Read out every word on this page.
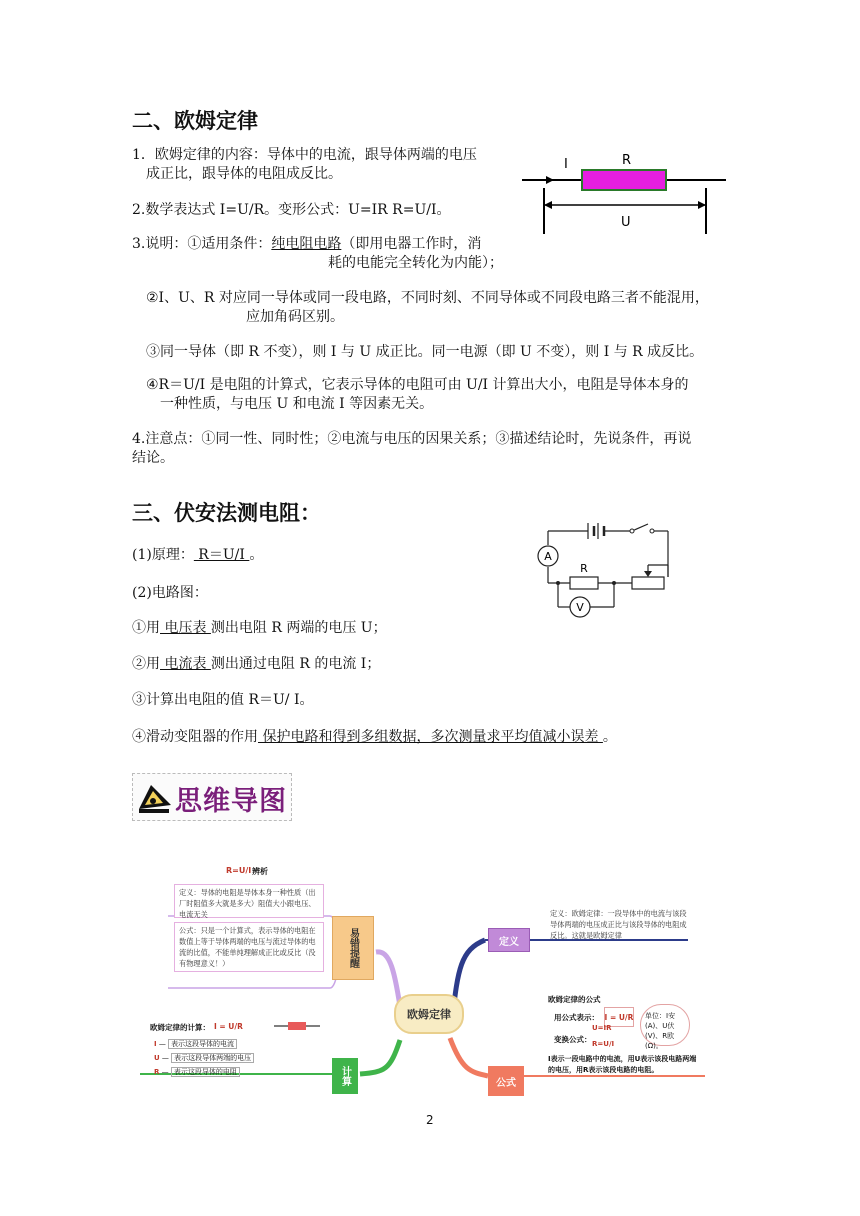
二、欧姆定律
1．欧姆定律的内容：导体中的电流，跟导体两端的电压
成正比，跟导体的电阻成反比。
2.数学表达式 I=U/R。变形公式：U=IR R=U/I。
3.说明：①适用条件：纯电阻电路（即用电器工作时，消
耗的电能完全转化为内能）；
②I、U、R 对应同一导体或同一段电路，不同时刻、不同导体或不同段电路三者不能混用，
应加角码区别。
③同一导体（即 R 不变），则 I 与 U 成正比。同一电源（即 U 不变），则 I 与 R 成反比。
④R＝U/I 是电阻的计算式，它表示导体的电阻可由 U/I 计算出大小，电阻是导体本身的
一种性质，与电压 U 和电流 I 等因素无关。
4.注意点：①同一性、同时性；②电流与电压的因果关系；③描述结论时，先说条件，再说
结论。
I	R
U
三、伏安法测电阻：
(1)原理： R＝U/I 。
(2)电路图：
①用 电压表 测出电阻 R 两端的电压 U；
②用 电流表 测出通过电阻 R 的电流 I；
③计算出电阻的值 R＝U/ I。
④滑动变阻器的作用 保护电路和得到多组数据，多次测量求平均值减小误差 。
A
V
R
思维导图
欧姆定律
定义
公式
计算
易错提醒
R=U/I 辨析
定义：导体的电阻是导体本身一种性质（出厂时阻值多大就是多大）阻值大小跟电压、电流无关
公式：只是一个计算式，表示导体的电阻在数值上等于导体两端的电压与流过导体的电流的比值，不能单纯理解成正比或反比（没有物理意义！）
定义：欧姆定律：一段导体中的电流与该段导体两端的电压成正比与该段导体的电阻成反比。这就是欧姆定律
欧姆定律的公式
用公式表示： I = U/R
变换公式：
U=IR
R=U/I
单位：I安(A)、U伏(V)、R欧(Ω)。
I表示一段电路中的电流，用U表示该段电路两端的电压，用R表示该段电路的电阻。
欧姆定律的计算： I = U/R
I — 表示这段导体的电流
U — 表示这段导体两端的电压
R — 表示这段导体的电阻
2
